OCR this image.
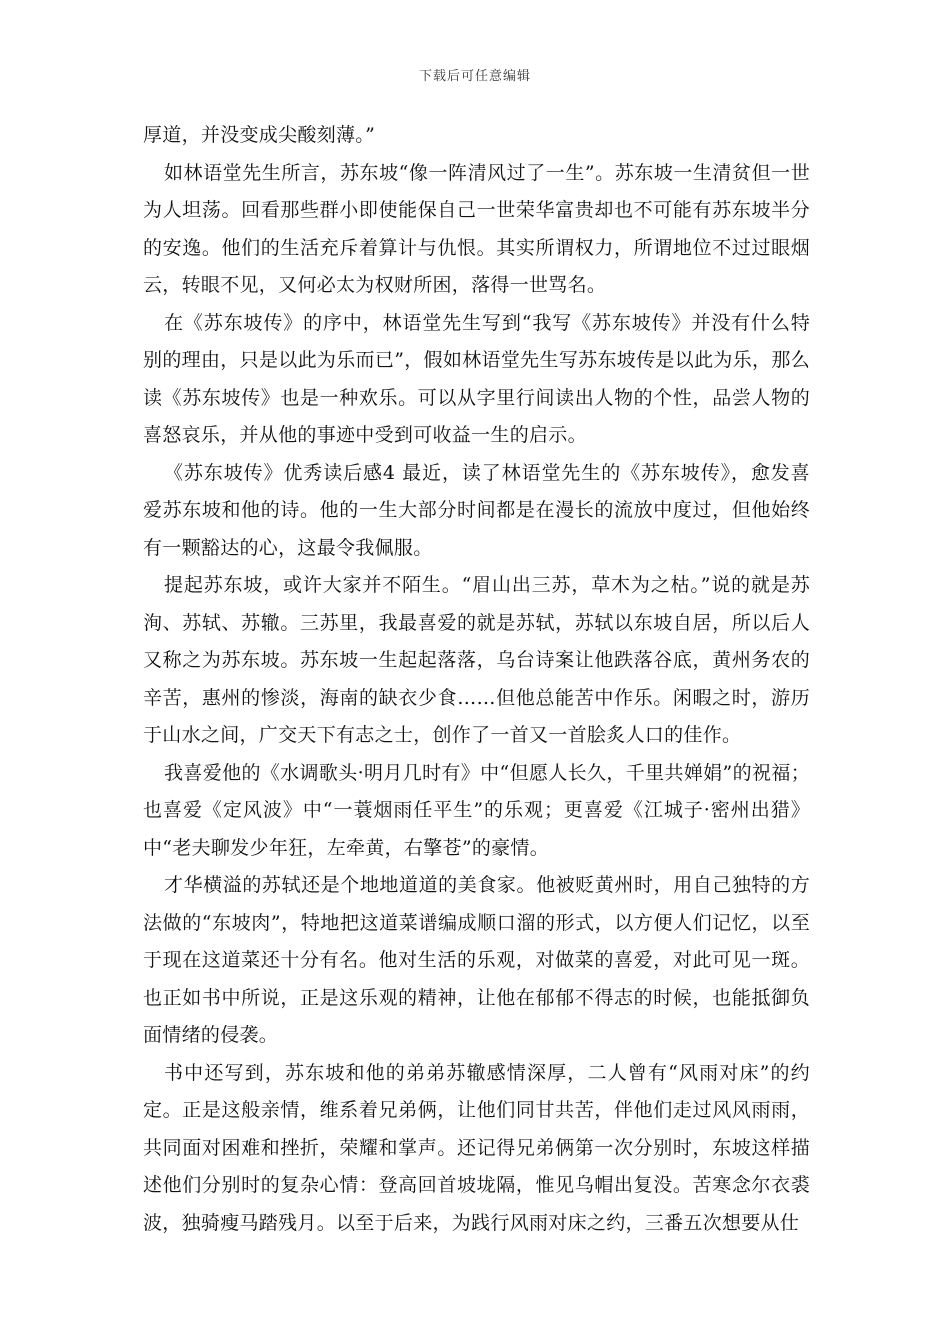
下载后可任意编辑

厚道，并没变成尖酸刻薄。”

如林语堂先生所言，苏东坡“像一阵清风过了一生”。苏东坡一生清贫但一世为人坦荡。回看那些群小即使能保自己一世荣华富贵却也不可能有苏东坡半分的安逸。他们的生活充斥着算计与仇恨。其实所谓权力，所谓地位不过过眼烟云，转眼不见，又何必太为权财所困，落得一世骂名。

在《苏东坡传》的序中，林语堂先生写到“我写《苏东坡传》并没有什么特别的理由，只是以此为乐而已”，假如林语堂先生写苏东坡传是以此为乐，那么读《苏东坡传》也是一种欢乐。可以从字里行间读出人物的个性，品尝人物的喜怒哀乐，并从他的事迹中受到可收益一生的启示。

《苏东坡传》优秀读后感4 最近，读了林语堂先生的《苏东坡传》，愈发喜爱苏东坡和他的诗。他的一生大部分时间都是在漫长的流放中度过，但他始终有一颗豁达的心，这最令我佩服。

提起苏东坡，或许大家并不陌生。“眉山出三苏，草木为之枯。”说的就是苏洵、苏轼、苏辙。三苏里，我最喜爱的就是苏轼，苏轼以东坡自居，所以后人又称之为苏东坡。苏东坡一生起起落落，乌台诗案让他跌落谷底，黄州务农的辛苦，惠州的惨淡，海南的缺衣少食……但他总能苦中作乐。闲暇之时，游历于山水之间，广交天下有志之士，创作了一首又一首脍炙人口的佳作。

我喜爱他的《水调歌头·明月几时有》中“但愿人长久，千里共婵娟”的祝福；也喜爱《定风波》中“一蓑烟雨任平生”的乐观；更喜爱《江城子·密州出猎》中“老夫聊发少年狂，左牵黄，右擎苍”的豪情。

才华横溢的苏轼还是个地地道道的美食家。他被贬黄州时，用自己独特的方法做的“东坡肉”，特地把这道菜谱编成顺口溜的形式，以方便人们记忆，以至于现在这道菜还十分有名。他对生活的乐观，对做菜的喜爱，对此可见一斑。也正如书中所说，正是这乐观的精神，让他在郁郁不得志的时候，也能抵御负面情绪的侵袭。

书中还写到，苏东坡和他的弟弟苏辙感情深厚，二人曾有“风雨对床”的约定。正是这般亲情，维系着兄弟俩，让他们同甘共苦，伴他们走过风风雨雨，共同面对困难和挫折，荣耀和掌声。还记得兄弟俩第一次分别时，东坡这样描述他们分别时的复杂心情：登高回首坡垅隔，惟见乌帽出复没。苦寒念尔衣裘波，独骑瘦马踏残月。以至于后来，为践行风雨对床之约，三番五次想要从仕
